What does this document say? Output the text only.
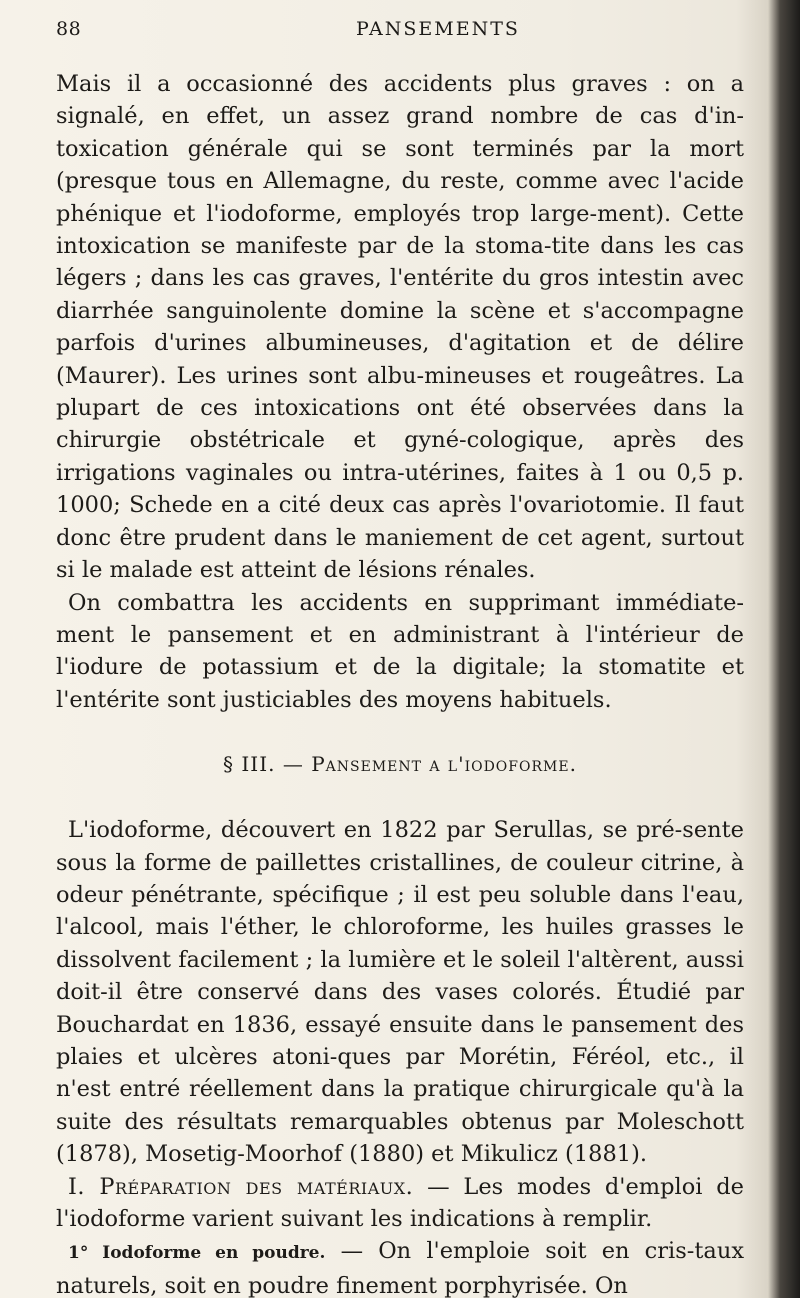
88	PANSEMENTS

Mais il a occasionné des accidents plus graves : on a signalé, en effet, un assez grand nombre de cas d'in-toxication générale qui se sont terminés par la mort (presque tous en Allemagne, du reste, comme avec l'acide phénique et l'iodoforme, employés trop large-ment). Cette intoxication se manifeste par de la stoma-tite dans les cas légers ; dans les cas graves, l'entérite du gros intestin avec diarrhée sanguinolente domine la scène et s'accompagne parfois d'urines albumineuses, d'agitation et de délire (Maurer). Les urines sont albu-mineuses et rougeâtres. La plupart de ces intoxications ont été observées dans la chirurgie obstétricale et gyné-cologique, après des irrigations vaginales ou intra-utérines, faites à 1 ou 0,5 p. 1000; Schede en a cité deux cas après l'ovariotomie. Il faut donc être prudent dans le maniement de cet agent, surtout si le malade est atteint de lésions rénales.

On combattra les accidents en supprimant immédiate-ment le pansement et en administrant à l'intérieur de l'iodure de potassium et de la digitale; la stomatite et l'entérite sont justiciables des moyens habituels.

§ III. — Pansement a l'iodoforme.

L'iodoforme, découvert en 1822 par Serullas, se pré-sente sous la forme de paillettes cristallines, de couleur citrine, à odeur pénétrante, spécifique ; il est peu soluble dans l'eau, l'alcool, mais l'éther, le chloroforme, les huiles grasses le dissolvent facilement ; la lumière et le soleil l'altèrent, aussi doit-il être conservé dans des vases colorés. Étudié par Bouchardat en 1836, essayé ensuite dans le pansement des plaies et ulcères atoni-ques par Morétin, Féréol, etc., il n'est entré réellement dans la pratique chirurgicale qu'à la suite des résultats remarquables obtenus par Moleschott (1878), Mosetig-Moorhof (1880) et Mikulicz (1881).

I. Préparation des matériaux. — Les modes d'emploi de l'iodoforme varient suivant les indications à remplir.

1° Iodoforme en poudre. — On l'emploie soit en cris-taux naturels, soit en poudre finement porphyrisée. On
